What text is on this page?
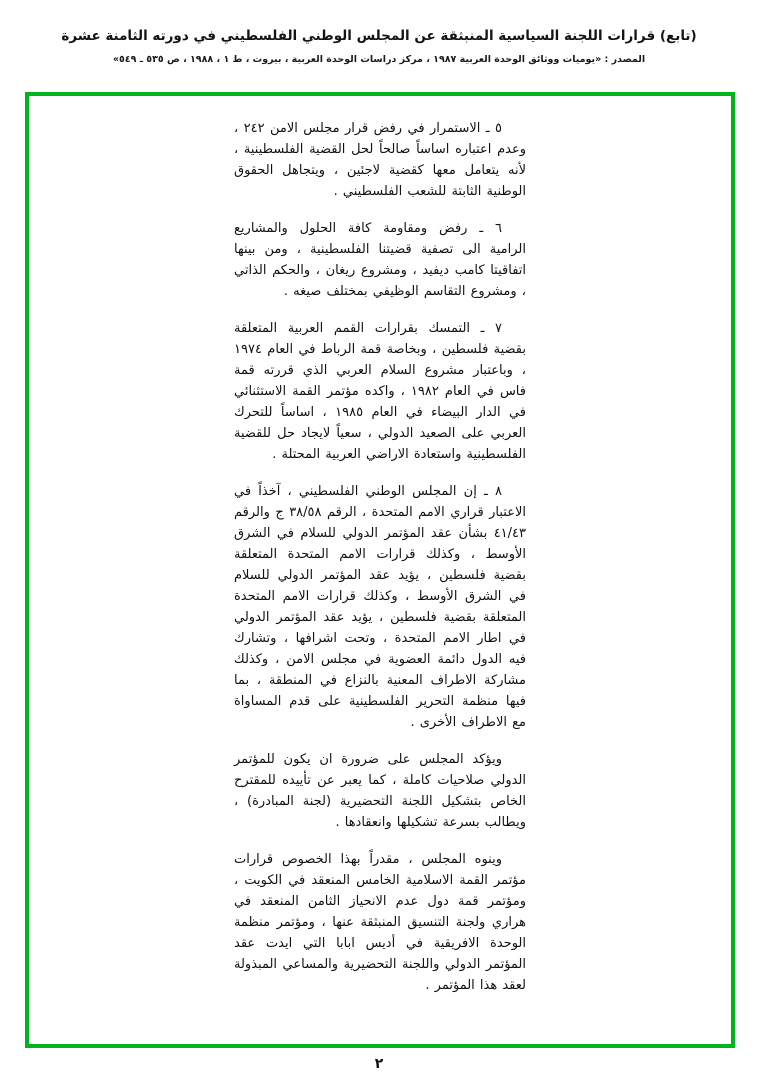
(تابع) قرارات اللجنة السياسية المنبثقة عن المجلس الوطني الفلسطيني في دورته الثامنة عشرة
المصدر : «يوميات ووثائق الوحدة العربية ١٩٨٧ ، مركز دراسات الوحدة العربية ، بيروت ، ط ١ ، ١٩٨٨ ، ص ٥٣٥ ـ ٥٤٩»

٥ ـ الاستمرار في رفض قرار مجلس الامن ٢٤٢ ، وعدم اعتباره اساساً صالحاً لحل القضية الفلسطينية ، لأنه يتعامل معها كقضية لاجئين ، ويتجاهل الحقوق الوطنية الثابتة للشعب الفلسطيني .

٦ ـ رفض ومقاومة كافة الحلول والمشاريع الرامية الى تصفية قضيتنا الفلسطينية ، ومن بينها اتفاقيتا كامب ديفيد ، ومشروع ريغان ، والحكم الذاتي ، ومشروع التقاسم الوظيفي بمختلف صيغه .

٧ ـ التمسك بقرارات القمم العربية المتعلقة بقضية فلسطين ، وبخاصة قمة الرباط في العام ١٩٧٤ ، وباعتبار مشروع السلام العربي الذي قررته قمة فاس في العام ١٩٨٢ ، واكده مؤتمر القمة الاستثنائي في الدار البيضاء في العام ١٩٨٥ ، اساساً للتحرك العربي على الصعيد الدولي ، سعياً لايجاد حل للقضية الفلسطينية واستعادة الاراضي العربية المحتلة .

٨ ـ إن المجلس الوطني الفلسطيني ، آخذاً في الاعتبار قراري الامم المتحدة ، الرقم ٣٨/٥٨ ج والرقم ٤١/٤٣ بشأن عقد المؤتمر الدولي للسلام في الشرق الأوسط ، وكذلك قرارات الامم المتحدة المتعلقة بقضية فلسطين ، يؤيد عقد المؤتمر الدولي للسلام في الشرق الأوسط ، وكذلك قرارات الامم المتحدة المتعلقة بقضية فلسطين ، يؤيد عقد المؤتمر الدولي في اطار الامم المتحدة ، وتحت اشرافها ، وتشارك فيه الدول دائمة العضوية في مجلس الامن ، وكذلك مشاركة الاطراف المعنية بالنزاع في المنطقة ، بما فيها منظمة التحرير الفلسطينية على قدم المساواة مع الاطراف الأخرى .

ويؤكد المجلس على ضرورة ان يكون للمؤتمر الدولي صلاحيات كاملة ، كما يعبر عن تأييده للمقترح الخاص بتشكيل اللجنة التحضيرية (لجنة المبادرة) ، ويطالب بسرعة تشكيلها وانعقادها .

وينوه المجلس ، مقدراً بهذا الخصوص قرارات مؤتمر القمة الاسلامية الخامس المنعقد في الكويت ، ومؤتمر قمة دول عدم الانحياز الثامن المنعقد في هراري ولجنة التنسيق المنبثقة عنها ، ومؤتمر منظمة الوحدة الافريقية في أديس ابابا التي ايدت عقد المؤتمر الدولي واللجنة التحضيرية والمساعي المبذولة لعقد هذا المؤتمر .

٢
